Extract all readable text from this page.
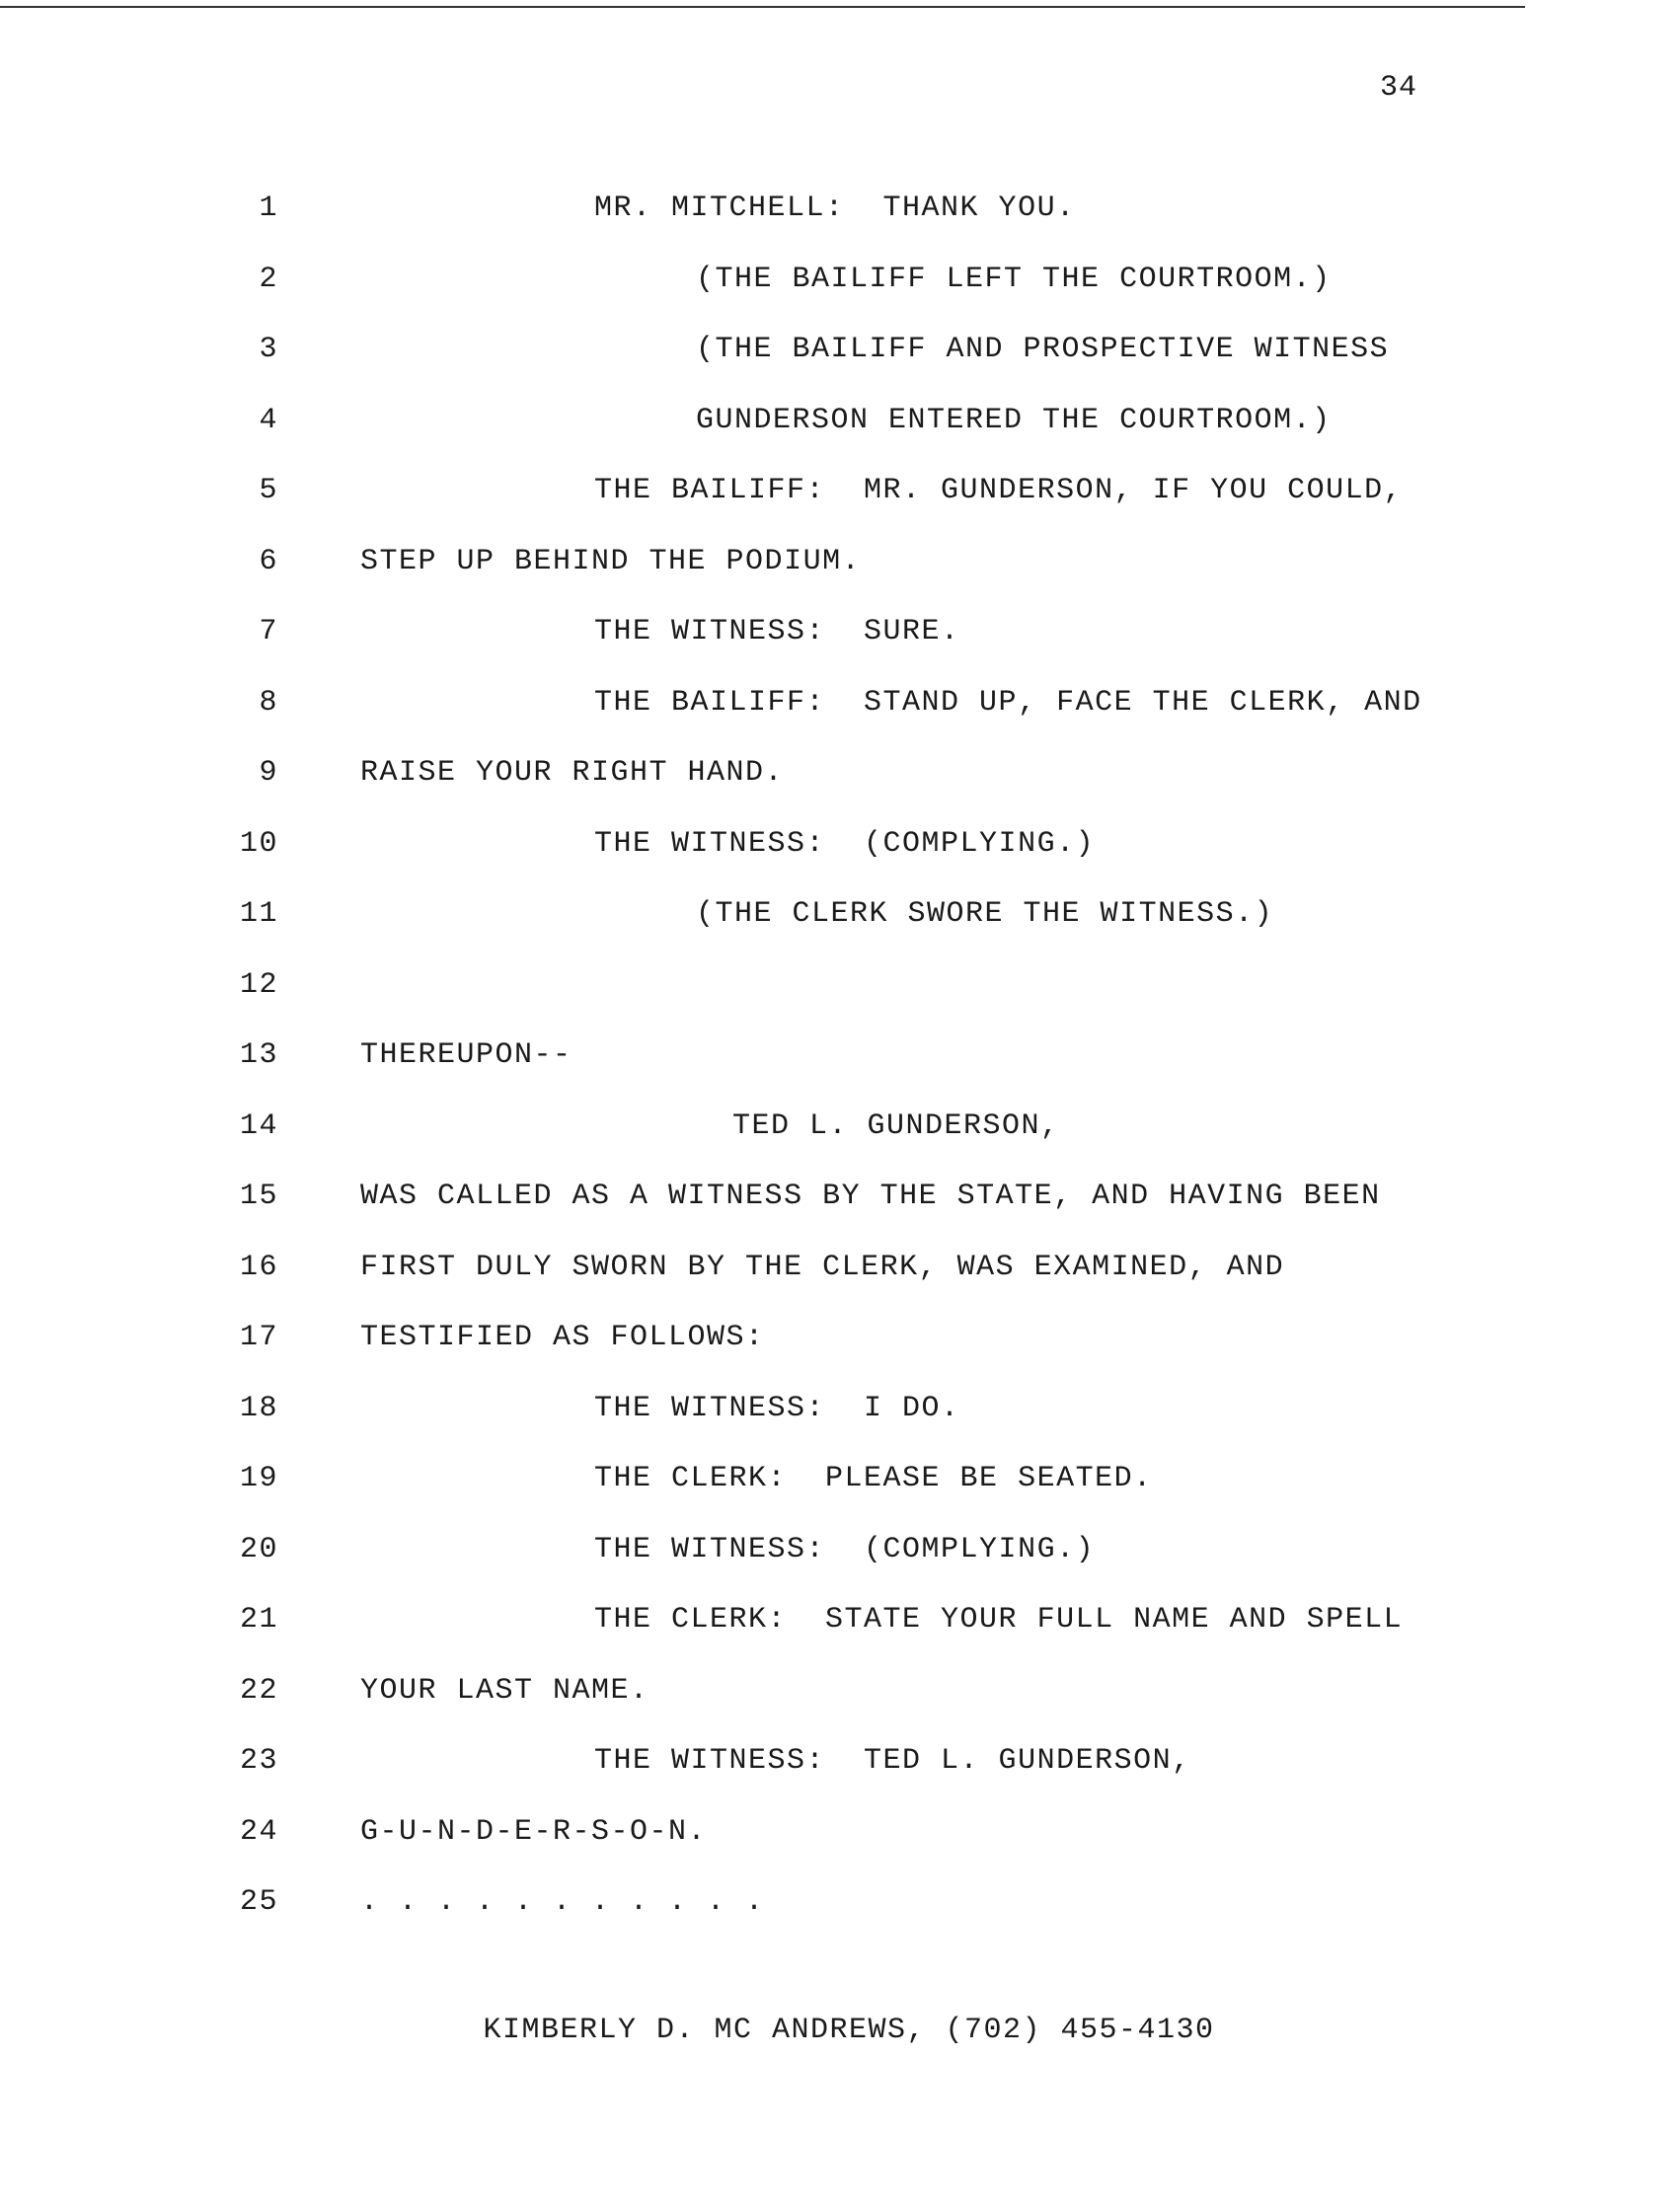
34
1	MR. MITCHELL:  THANK YOU.
2	(THE BAILIFF LEFT THE COURTROOM.)
3	(THE BAILIFF AND PROSPECTIVE WITNESS
4	GUNDERSON ENTERED THE COURTROOM.)
5	THE BAILIFF:  MR. GUNDERSON, IF YOU COULD,
6	STEP UP BEHIND THE PODIUM.
7	THE WITNESS:  SURE.
8	THE BAILIFF:  STAND UP, FACE THE CLERK, AND
9	RAISE YOUR RIGHT HAND.
10	THE WITNESS:  (COMPLYING.)
11	(THE CLERK SWORE THE WITNESS.)
12
13	THEREUPON--
14	TED L. GUNDERSON,
15	WAS CALLED AS A WITNESS BY THE STATE, AND HAVING BEEN
16	FIRST DULY SWORN BY THE CLERK, WAS EXAMINED, AND
17	TESTIFIED AS FOLLOWS:
18	THE WITNESS:  I DO.
19	THE CLERK:  PLEASE BE SEATED.
20	THE WITNESS:  (COMPLYING.)
21	THE CLERK:  STATE YOUR FULL NAME AND SPELL
22	YOUR LAST NAME.
23	THE WITNESS:  TED L. GUNDERSON,
24	G-U-N-D-E-R-S-O-N.
25	. . . . . . . . . . .
KIMBERLY D. MC ANDREWS, (702) 455-4130
